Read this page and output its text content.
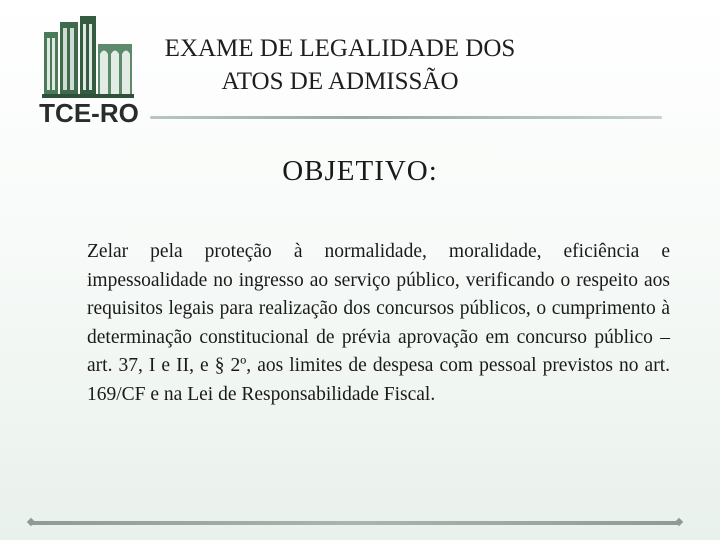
TCE-RO
EXAME DE LEGALIDADE DOS ATOS DE ADMISSÃO
OBJETIVO:

Zelar pela proteção à normalidade, moralidade, eficiência e impessoalidade no ingresso ao serviço público, verificando o respeito aos requisitos legais para realização dos concursos públicos, o cumprimento à determinação constitucional de prévia aprovação em concurso público – art. 37, I e II, e § 2º, aos limites de despesa com pessoal previstos no art. 169/CF e na Lei de Responsabilidade Fiscal.
